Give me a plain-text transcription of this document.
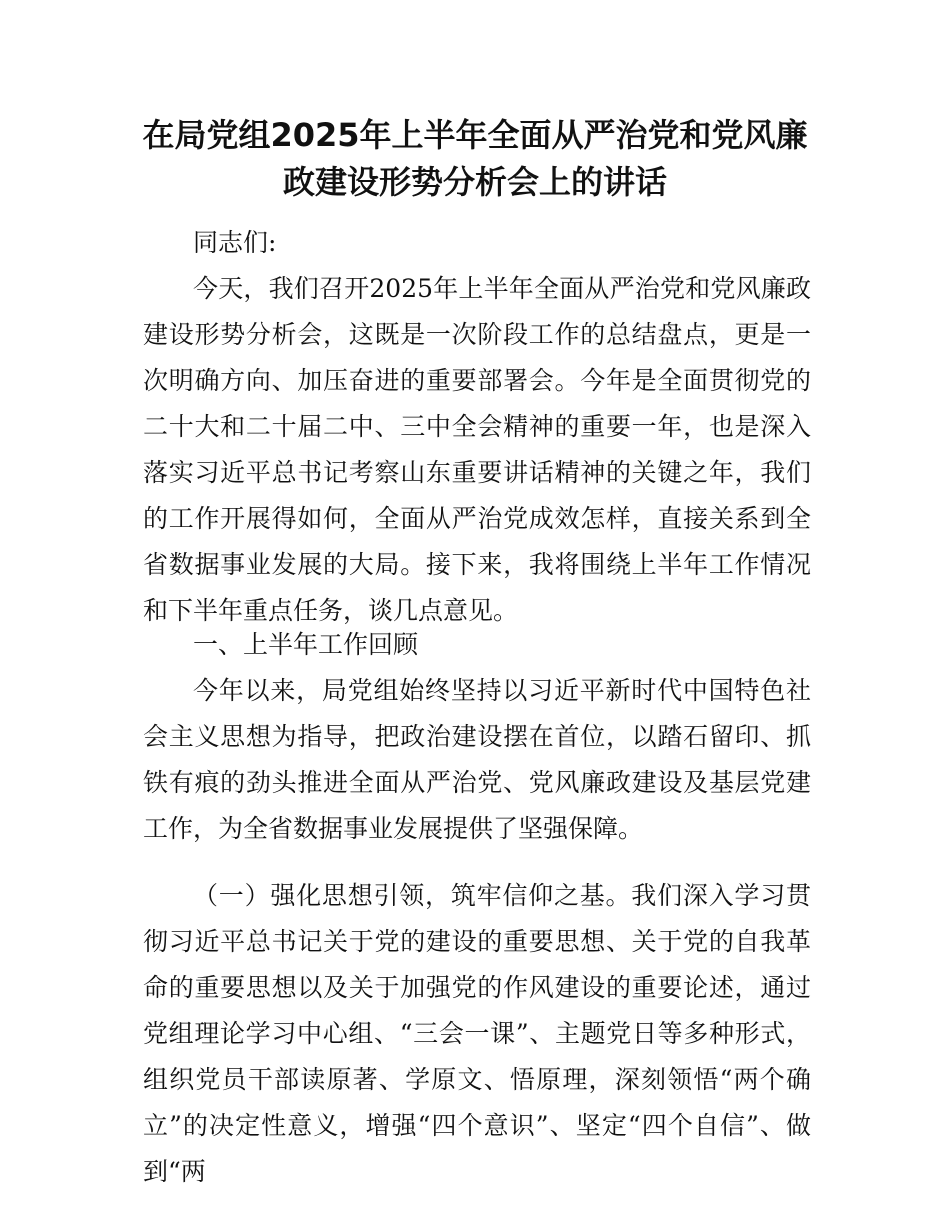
在局党组2025年上半年全面从严治党和党风廉
政建设形势分析会上的讲话
同志们:
今天，我们召开2025年上半年全面从严治党和党风廉政建设形势分析会，这既是一次阶段工作的总结盘点，更是一次明确方向、加压奋进的重要部署会。今年是全面贯彻党的二十大和二十届二中、三中全会精神的重要一年，也是深入落实习近平总书记考察山东重要讲话精神的关键之年，我们的工作开展得如何，全面从严治党成效怎样，直接关系到全省数据事业发展的大局。接下来，我将围绕上半年工作情况和下半年重点任务，谈几点意见。
一、上半年工作回顾
今年以来，局党组始终坚持以习近平新时代中国特色社会主义思想为指导，把政治建设摆在首位，以踏石留印、抓铁有痕的劲头推进全面从严治党、党风廉政建设及基层党建工作，为全省数据事业发展提供了坚强保障。
（一）强化思想引领，筑牢信仰之基。我们深入学习贯彻习近平总书记关于党的建设的重要思想、关于党的自我革命的重要思想以及关于加强党的作风建设的重要论述，通过党组理论学习中心组、“三会一课”、主题党日等多种形式，组织党员干部读原著、学原文、悟原理，深刻领悟“两个确立”的决定性意义，增强“四个意识”、坚定“四个自信”、做到“两
